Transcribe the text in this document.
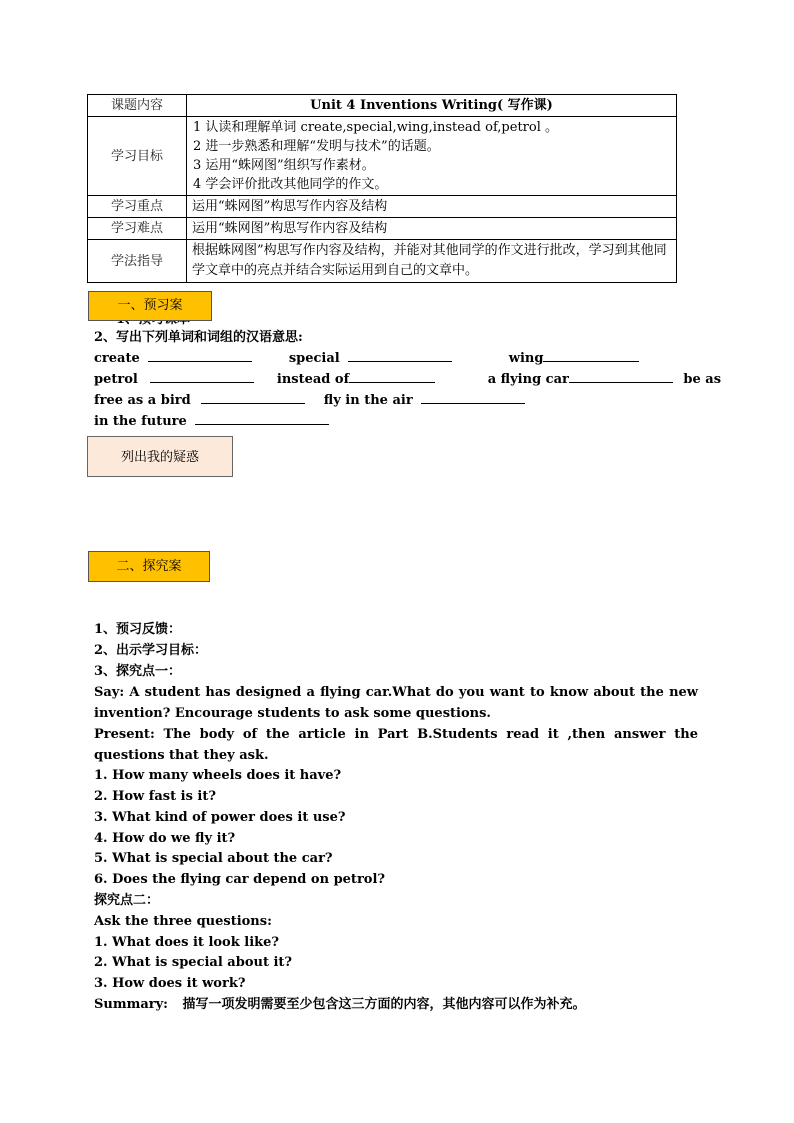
课题内容	Unit 4 Inventions Writing( 写作课)
学习目标	1 认读和理解单词 create,special,wing,instead of,petrol 。
2 进一步熟悉和理解“发明与技术”的话题。
3 运用“蛛网图”组织写作素材。
4 学会评价批改其他同学的作文。

学习重点	运用“蛛网图”构思写作内容及结构
学习难点	运用“蛛网图”构思写作内容及结构
学法指导	根据蛛网图”构思写作内容及结构，并能对其他同学的作文进行批改，学习到其他同学文章中的亮点并结合实际运用到自己的文章中。
一、预习案
2、写出下列单词和词组的汉语意思:
create	special	wing
petrol	instead of	a flying car	be as
free as a bird	fly in the air
in the future
列出我的疑惑
二、探究案
1、预习反馈：
2、出示学习目标：
3、探究点一：
Say: A student has designed a flying car.What do you want to know about the new invention? Encourage students to ask some questions.
Present: The body of the article in Part B.Students read it ,then answer the questions that they ask.
1. How many wheels does it have?
2. How fast is it?
3. What kind of power does it use?
4. How do we fly it?
5. What is special about the car?
6. Does the flying car depend on petrol?
探究点二：
Ask the three questions:
1. What does it look like?
2. What is special about it?
3. How does it work?
Summary: 描写一项发明需要至少包含这三方面的内容，其他内容可以作为补充。
